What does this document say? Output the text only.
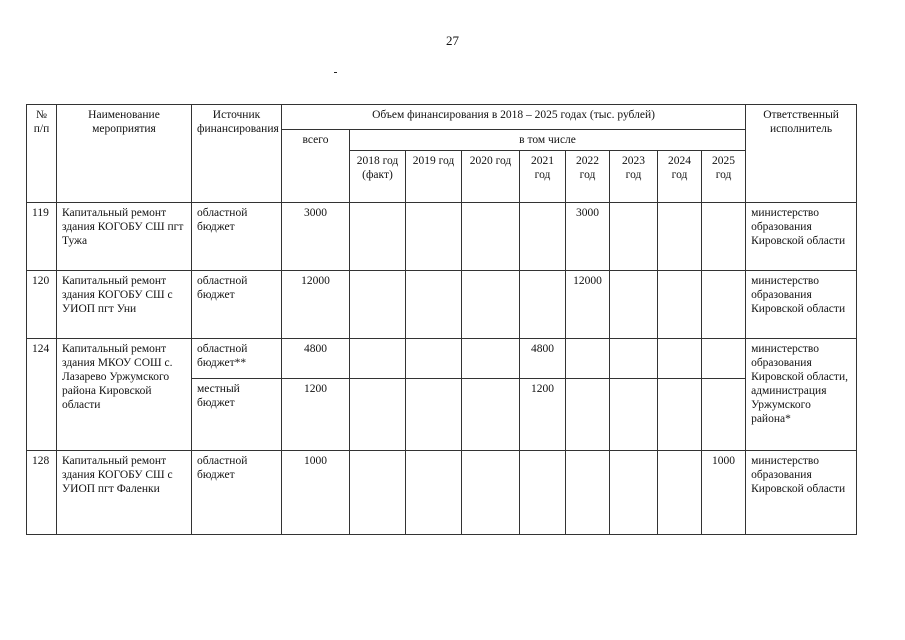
27
№ п/п	Наименование мероприятия	Источник финансирования	Объем финансирования в 2018 – 2025 годах (тыс. рублей)									Ответственный исполнитель
			всего	в том числе								
				2018 год (факт)	2019 год	2020 год	2021 год	2022 год	2023 год	2024 год	2025 год	
119	Капитальный ремонт здания КОГОБУ СШ пгт Тужа	областной бюджет	3000					3000				министерство образования Кировской области
120	Капитальный ремонт здания КОГОБУ СШ с УИОП пгт Уни	областной бюджет	12000					12000				министерство образования Кировской области
124	Капитальный ремонт здания МКОУ СОШ с. Лазарево Уржумского района Кировской области	областной бюджет**	4800				4800					министерство образования Кировской области, администрация Уржумского района*
		местный бюджет	1200				1200					
128	Капитальный ремонт здания КОГОБУ СШ с УИОП пгт Фаленки	областной бюджет	1000								1000	министерство образования Кировской области
